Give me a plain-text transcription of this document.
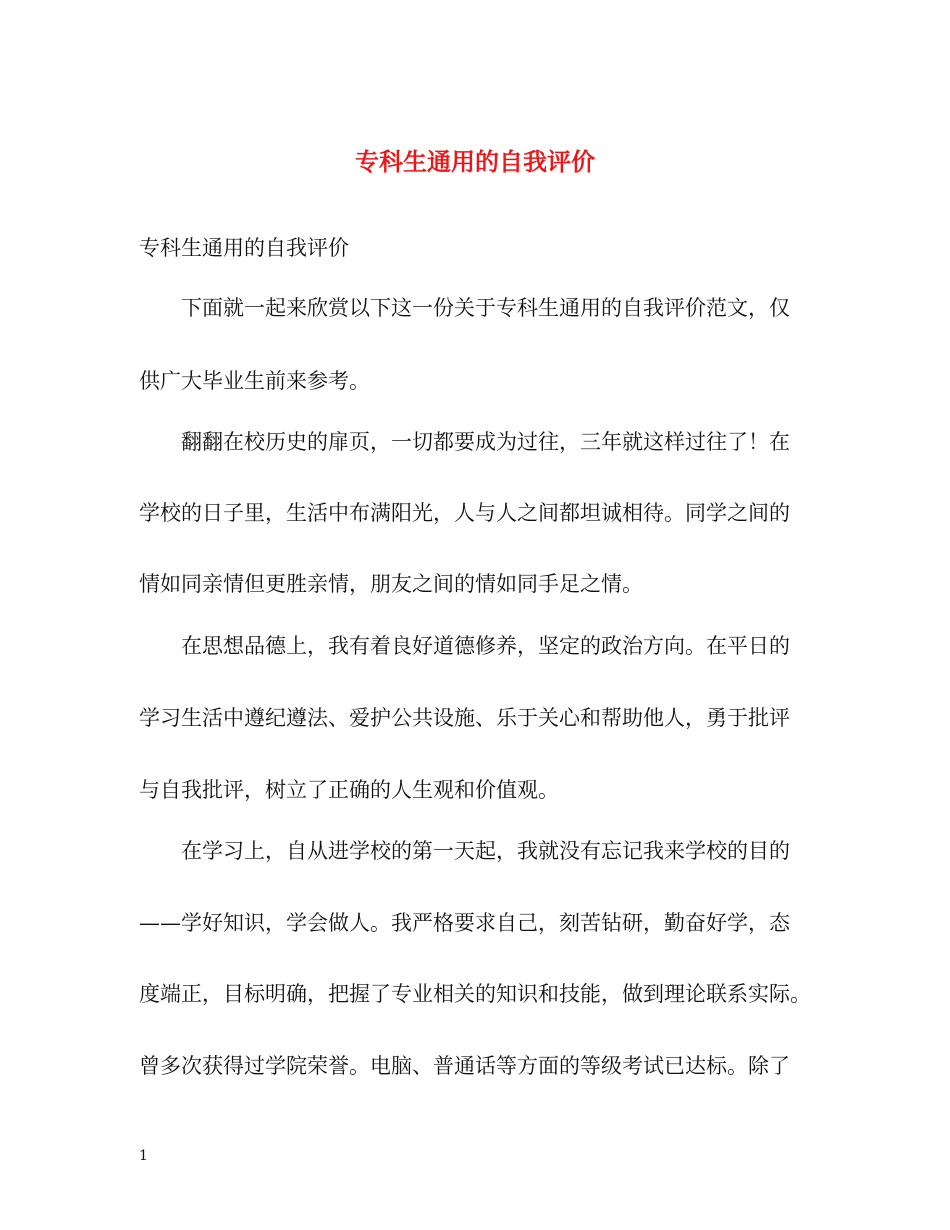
专科生通用的自我评价

专科生通用的自我评价

下面就一起来欣赏以下这一份关于专科生通用的自我评价范文，仅

供广大毕业生前来参考。

翻翻在校历史的扉页，一切都要成为过往，三年就这样过往了！在

学校的日子里，生活中布满阳光，人与人之间都坦诚相待。同学之间的

情如同亲情但更胜亲情，朋友之间的情如同手足之情。

在思想品德上，我有着良好道德修养，坚定的政治方向。在平日的

学习生活中遵纪遵法、爱护公共设施、乐于关心和帮助他人，勇于批评

与自我批评，树立了正确的人生观和价值观。

在学习上，自从进学校的第一天起，我就没有忘记我来学校的目的

——学好知识，学会做人。我严格要求自己，刻苦钻研，勤奋好学，态

度端正，目标明确，把握了专业相关的知识和技能，做到理论联系实际。

曾多次获得过学院荣誉。电脑、普通话等方面的等级考试已达标。除了

1
